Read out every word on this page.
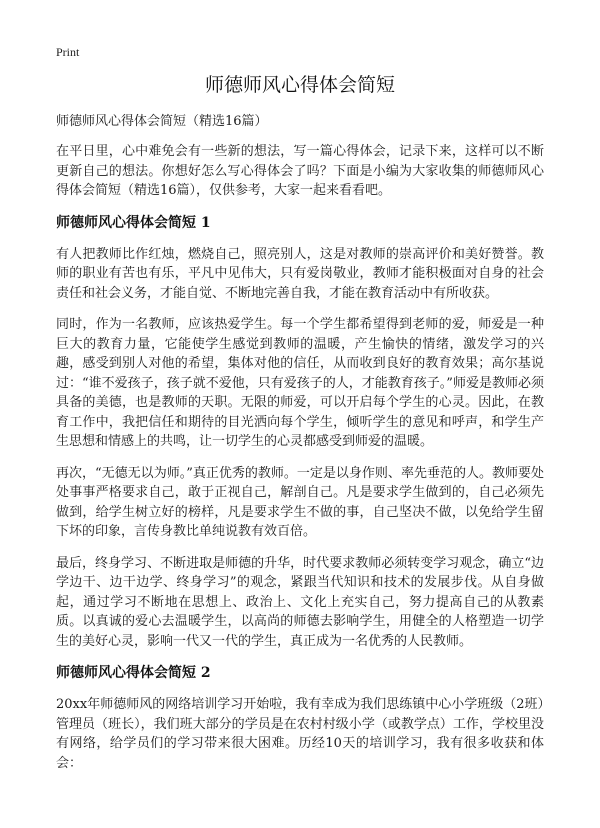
Print
师德师风心得体会简短

师德师风心得体会简短（精选16篇）

在平日里，心中难免会有一些新的想法，写一篇心得体会，记录下来，这样可以不断更新自己的想法。你想好怎么写心得体会了吗？下面是小编为大家收集的师德师风心得体会简短（精选16篇），仅供参考，大家一起来看看吧。

师德师风心得体会简短 1

有人把教师比作红烛，燃烧自己，照亮别人，这是对教师的崇高评价和美好赞誉。教师的职业有苦也有乐，平凡中见伟大，只有爱岗敬业，教师才能积极面对自身的社会责任和社会义务，才能自觉、不断地完善自我，才能在教育活动中有所收获。

同时，作为一名教师，应该热爱学生。每一个学生都希望得到老师的爱，师爱是一种巨大的教育力量，它能使学生感觉到教师的温暖，产生愉快的情绪，激发学习的兴趣，感受到别人对他的希望，集体对他的信任，从而收到良好的教育效果；高尔基说过：“谁不爱孩子，孩子就不爱他，只有爱孩子的人，才能教育孩子。”师爱是教师必须具备的美德，也是教师的天职。无限的师爱，可以开启每个学生的心灵。因此，在教育工作中，我把信任和期待的目光洒向每个学生，倾听学生的意见和呼声，和学生产生思想和情感上的共鸣，让一切学生的心灵都感受到师爱的温暖。

再次，“无德无以为师。”真正优秀的教师。一定是以身作则、率先垂范的人。教师要处处事事严格要求自己，敢于正视自己，解剖自己。凡是要求学生做到的，自己必须先做到，给学生树立好的榜样，凡是要求学生不做的事，自己坚决不做，以免给学生留下坏的印象，言传身教比单纯说教有效百倍。

最后，终身学习、不断进取是师德的升华，时代要求教师必须转变学习观念，确立“边学边干、边干边学、终身学习”的观念，紧跟当代知识和技术的发展步伐。从自身做起，通过学习不断地在思想上、政治上、文化上充实自己，努力提高自己的从教素质。以真诚的爱心去温暖学生，以高尚的师德去影响学生，用健全的人格塑造一切学生的美好心灵，影响一代又一代的学生，真正成为一名优秀的人民教师。

师德师风心得体会简短 2

20xx年师德师风的网络培训学习开始啦，我有幸成为我们思练镇中心小学班级（2班）管理员（班长），我们班大部分的学员是在农村村级小学（或教学点）工作，学校里没有网络，给学员们的学习带来很大困难。历经10天的培训学习，我有很多收获和体会：
